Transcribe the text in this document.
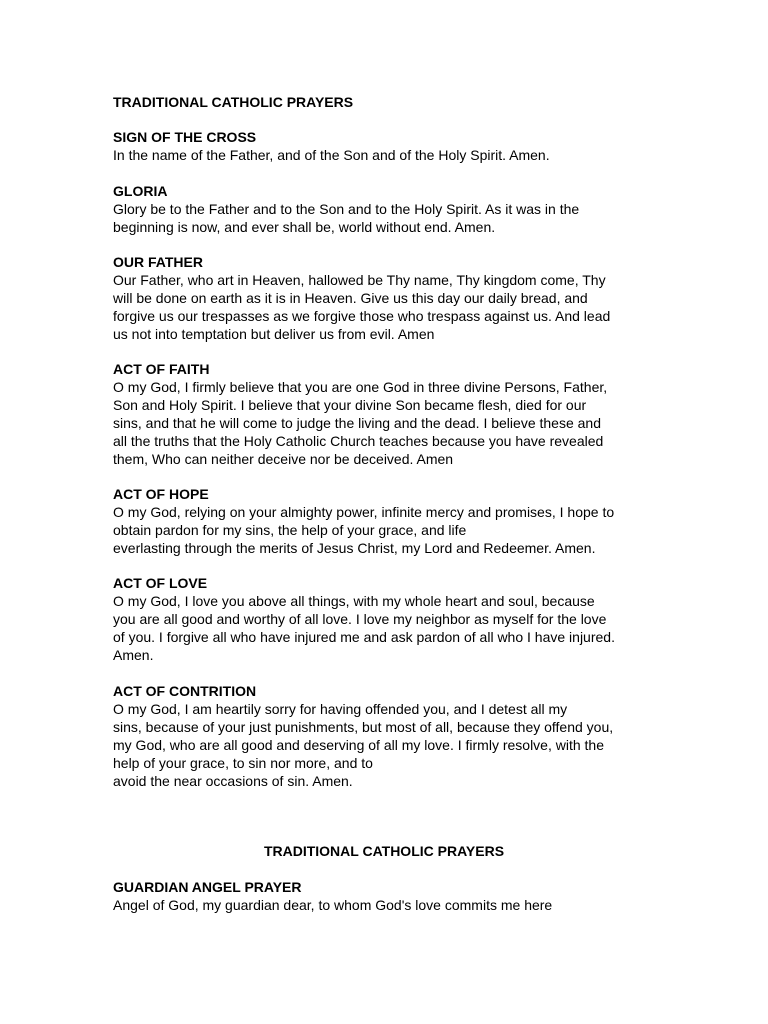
TRADITIONAL CATHOLIC PRAYERS
SIGN OF THE CROSS
In the name of the Father, and of the Son and of the Holy Spirit. Amen.
GLORIA
Glory be to the Father and to the Son and to the Holy Spirit. As it was in the
beginning is now, and ever shall be, world without end. Amen.
OUR FATHER
Our Father, who art in Heaven, hallowed be Thy name, Thy kingdom come, Thy
will be done on earth as it is in Heaven. Give us this day our daily bread, and
forgive us our trespasses as we forgive those who trespass against us. And lead
us not into temptation but deliver us from evil. Amen
ACT OF FAITH
O my God, I firmly believe that you are one God in three divine Persons, Father,
Son and Holy Spirit. I believe that your divine Son became flesh, died for our
sins, and that he will come to judge the living and the dead. I believe these and
all the truths that the Holy Catholic Church teaches because you have revealed
them, Who can neither deceive nor be deceived. Amen
ACT OF HOPE
O my God, relying on your almighty power, infinite mercy and promises, I hope to
obtain pardon for my sins, the help of your grace, and life
everlasting through the merits of Jesus Christ, my Lord and Redeemer. Amen.
ACT OF LOVE
O my God, I love you above all things, with my whole heart and soul, because
you are all good and worthy of all love. I love my neighbor as myself for the love
of you. I forgive all who have injured me and ask pardon of all who I have injured.
Amen.
ACT OF CONTRITION
O my God, I am heartily sorry for having offended you, and I detest all my
sins, because of your just punishments, but most of all, because they offend you,
my God, who are all good and deserving of all my love. I firmly resolve, with the
help of your grace, to sin nor more, and to
avoid the near occasions of sin. Amen.
TRADITIONAL CATHOLIC PRAYERS
GUARDIAN ANGEL PRAYER
Angel of God, my guardian dear, to whom God's love commits me here
